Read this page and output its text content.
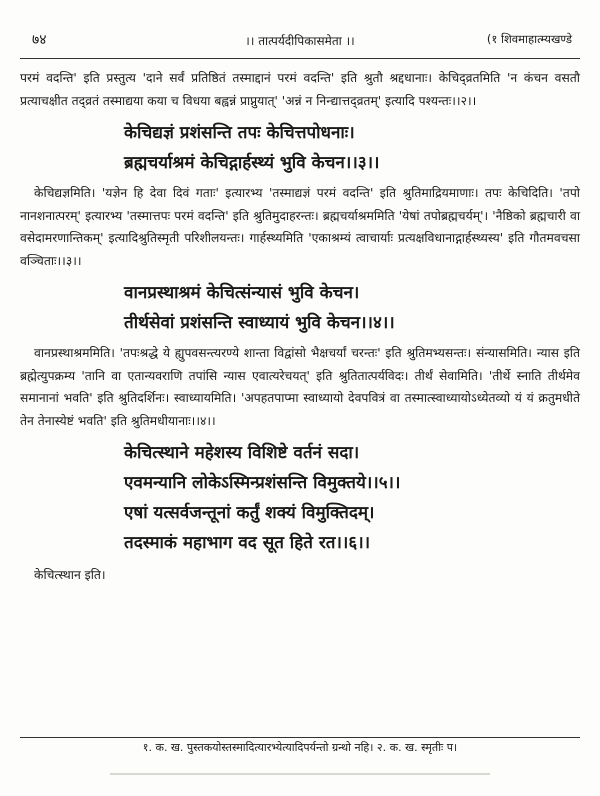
७४	।। तात्पर्यदीपिकासमेता ।।	(१ शिवमाहात्म्यखण्डे

परमं वदन्ति' इति प्रस्तुत्य 'दाने सर्वं प्रतिष्ठितं तस्माद्दानं परमं वदन्ति' इति श्रुतौ श्रद्दधानाः। केचिद्व्रतमिति 'न कंचन वसतौ प्रत्याचक्षीत तद्व्रतं तस्माद्यया कया च विधया बह्वन्नं प्राप्नुयात्' 'अन्नं न निन्द्यात्तद्व्रतम्' इत्यादि पश्यन्तः।।२।।

केचिद्यज्ञं प्रशंसन्ति तपः केचित्तपोधनाः।
ब्रह्मचर्याश्रमं केचिद्गार्हस्थ्यं भुवि केचन।।३।।

केचिद्यज्ञमिति। 'यज्ञेन हि देवा दिवं गताः' इत्यारभ्य 'तस्माद्यज्ञं परमं वदन्ति' इति श्रुतिमाद्रियमाणाः। तपः केचिदिति। 'तपो नानशनात्परम्' इत्यारभ्य 'तस्मात्तपः परमं वदन्ति' इति श्रुतिमुदाहरन्तः। ब्रह्मचर्याश्रममिति 'येषां तपोब्रह्मचर्यम्'। 'नैष्ठिको ब्रह्मचारी वा वसेदामरणान्तिकम्' इत्यादिश्रुतिस्मृती परिशीलयन्तः। गार्हस्थ्यमिति 'एकाश्रम्यं त्वाचार्याः प्रत्यक्षविधानाद्गार्हस्थ्यस्य' इति गौतमवचसा वञ्चिताः।।३।।

वानप्रस्थाश्रमं केचित्संन्यासं भुवि केचन।
तीर्थसेवां प्रशंसन्ति स्वाध्यायं भुवि केचन।।४।।

वानप्रस्थाश्रममिति। 'तपःश्रद्धे ये ह्युपवसन्त्यरण्ये शान्ता विद्वांसो भैक्षचर्यां चरन्तः' इति श्रुतिमभ्यसन्तः। संन्यासमिति। न्यास इति ब्रह्मेत्युपक्रम्य 'तानि वा एतान्यवराणि तपांसि न्यास एवात्यरेचयत्' इति श्रुतितात्पर्यविदः। तीर्थं सेवामिति। 'तीर्थे स्नाति तीर्थमेव समानानां भवति' इति श्रुतिदर्शिनः। स्वाध्यायमिति। 'अपहतपाप्मा स्वाध्यायो देवपवित्रं वा तस्मात्स्वाध्यायोऽध्येतव्यो यं यं क्रतुमधीते तेन तेनास्येष्टं भवति' इति श्रुतिमधीयानाः।।४।।

केचित्स्थाने महेशस्य विशिष्टे वर्तनं सदा।
एवमन्यानि लोकेऽस्मिन्प्रशंसन्ति विमुक्तये।।५।।
एषां यत्सर्वजन्तूनां कर्तुं शक्यं विमुक्तिदम्।
तदस्माकं महाभाग वद सूत हिते रत।।६।।
केचित्स्थान इति।
१. क. ख. पुस्तकयोस्तस्मादित्यारभ्येत्यादिपर्यन्तो ग्रन्थो नहि। २. क. ख. स्मृतीः प।
